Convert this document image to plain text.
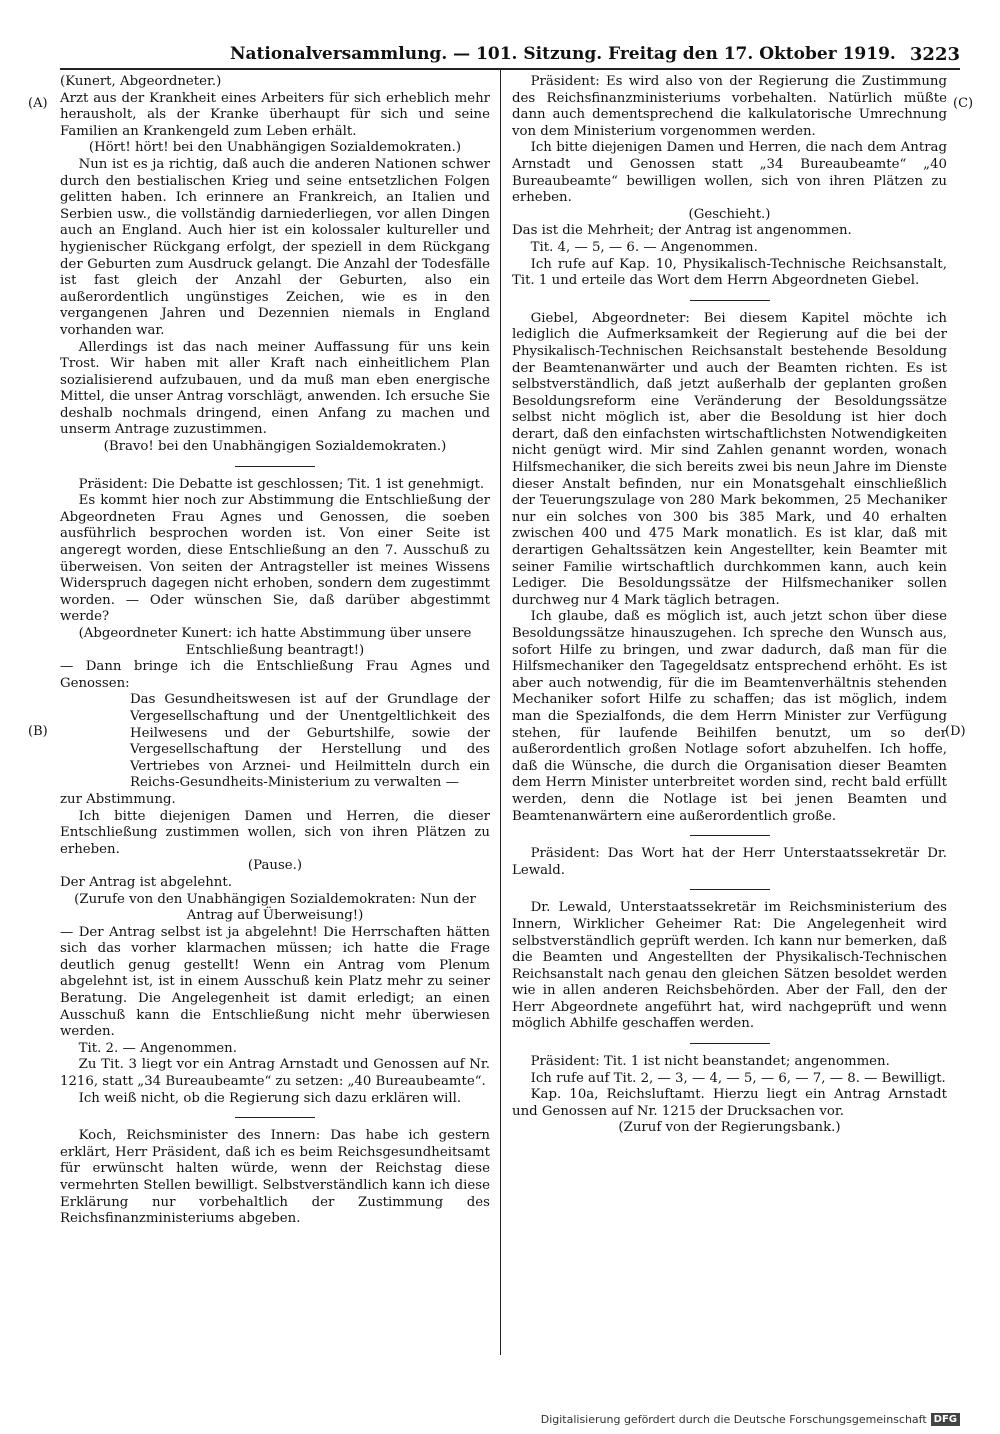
Nationalversammlung. — 101. Sitzung. Freitag den 17. Oktober 1919. 3223
(A)
(B)
(C)
(D)

(Kunert, Abgeordneter.)

Arzt aus der Krankheit eines Arbeiters für sich erheblich mehr herausholt, als der Kranke überhaupt für sich und seine Familien an Krankengeld zum Leben erhält.

(Hört! hört! bei den Unabhängigen Sozialdemokraten.)

Nun ist es ja richtig, daß auch die anderen Nationen schwer durch den bestialischen Krieg und seine entsetzlichen Folgen gelitten haben. Ich erinnere an Frankreich, an Italien und Serbien usw., die vollständig darniederliegen, vor allen Dingen auch an England. Auch hier ist ein kolossaler kultureller und hygienischer Rückgang erfolgt, der speziell in dem Rückgang der Geburten zum Ausdruck gelangt. Die Anzahl der Todesfälle ist fast gleich der Anzahl der Geburten, also ein außerordentlich ungünstiges Zeichen, wie es in den vergangenen Jahren und Dezennien niemals in England vorhanden war.

Allerdings ist das nach meiner Auffassung für uns kein Trost. Wir haben mit aller Kraft nach einheitlichem Plan sozialisierend aufzubauen, und da muß man eben energische Mittel, die unser Antrag vorschlägt, anwenden. Ich ersuche Sie deshalb nochmals dringend, einen Anfang zu machen und unserm Antrage zuzustimmen.

(Bravo! bei den Unabhängigen Sozialdemokraten.)

Präsident: Die Debatte ist geschlossen; Tit. 1 ist genehmigt.

Es kommt hier noch zur Abstimmung die Entschließung der Abgeordneten Frau Agnes und Genossen, die soeben ausführlich besprochen worden ist. Von einer Seite ist angeregt worden, diese Entschließung an den 7. Ausschuß zu überweisen. Von seiten der Antragsteller ist meines Wissens Widerspruch dagegen nicht erhoben, sondern dem zugestimmt worden. — Oder wünschen Sie, daß darüber abgestimmt werde?

(Abgeordneter Kunert: ich hatte Abstimmung über unsere Entschließung beantragt!)

— Dann bringe ich die Entschließung Frau Agnes und Genossen:

Das Gesundheitswesen ist auf der Grundlage der Vergesellschaftung und der Unentgeltlichkeit des Heilwesens und der Geburtshilfe, sowie der Vergesellschaftung der Herstellung und des Vertriebes von Arznei- und Heilmitteln durch ein Reichs-Gesundheits-Ministerium zu verwalten —

zur Abstimmung.

Ich bitte diejenigen Damen und Herren, die dieser Entschließung zustimmen wollen, sich von ihren Plätzen zu erheben.

(Pause.)

Der Antrag ist abgelehnt.

(Zurufe von den Unabhängigen Sozialdemokraten: Nun der Antrag auf Überweisung!)

— Der Antrag selbst ist ja abgelehnt! Die Herrschaften hätten sich das vorher klarmachen müssen; ich hatte die Frage deutlich genug gestellt! Wenn ein Antrag vom Plenum abgelehnt ist, ist in einem Ausschuß kein Platz mehr zu seiner Beratung. Die Angelegenheit ist damit erledigt; an einen Ausschuß kann die Entschließung nicht mehr überwiesen werden.

Tit. 2. — Angenommen.

Zu Tit. 3 liegt vor ein Antrag Arnstadt und Genossen auf Nr. 1216, statt „34 Bureaubeamte“ zu setzen: „40 Bureaubeamte“.

Ich weiß nicht, ob die Regierung sich dazu erklären will.

Koch, Reichsminister des Innern: Das habe ich gestern erklärt, Herr Präsident, daß ich es beim Reichsgesundheitsamt für erwünscht halten würde, wenn der Reichstag diese vermehrten Stellen bewilligt. Selbstverständlich kann ich diese Erklärung nur vorbehaltlich der Zustimmung des Reichsfinanzministeriums abgeben.

Präsident: Es wird also von der Regierung die Zustimmung des Reichsfinanzministeriums vorbehalten. Natürlich müßte dann auch dementsprechend die kalkulatorische Umrechnung von dem Ministerium vorgenommen werden.

Ich bitte diejenigen Damen und Herren, die nach dem Antrag Arnstadt und Genossen statt „34 Bureaubeamte“ „40 Bureaubeamte“ bewilligen wollen, sich von ihren Plätzen zu erheben.

(Geschieht.)

Das ist die Mehrheit; der Antrag ist angenommen.

Tit. 4, — 5, — 6. — Angenommen.

Ich rufe auf Kap. 10, Physikalisch-Technische Reichsanstalt, Tit. 1 und erteile das Wort dem Herrn Abgeordneten Giebel.

Giebel, Abgeordneter: Bei diesem Kapitel möchte ich lediglich die Aufmerksamkeit der Regierung auf die bei der Physikalisch-Technischen Reichsanstalt bestehende Besoldung der Beamtenanwärter und auch der Beamten richten. Es ist selbstverständlich, daß jetzt außerhalb der geplanten großen Besoldungsreform eine Veränderung der Besoldungssätze selbst nicht möglich ist, aber die Besoldung ist hier doch derart, daß den einfachsten wirtschaftlichsten Notwendigkeiten nicht genügt wird. Mir sind Zahlen genannt worden, wonach Hilfsmechaniker, die sich bereits zwei bis neun Jahre im Dienste dieser Anstalt befinden, nur ein Monatsgehalt einschließlich der Teuerungszulage von 280 Mark bekommen, 25 Mechaniker nur ein solches von 300 bis 385 Mark, und 40 erhalten zwischen 400 und 475 Mark monatlich. Es ist klar, daß mit derartigen Gehaltssätzen kein Angestellter, kein Beamter mit seiner Familie wirtschaftlich durchkommen kann, auch kein Lediger. Die Besoldungssätze der Hilfsmechaniker sollen durchweg nur 4 Mark täglich betragen.

Ich glaube, daß es möglich ist, auch jetzt schon über diese Besoldungssätze hinauszugehen. Ich spreche den Wunsch aus, sofort Hilfe zu bringen, und zwar dadurch, daß man für die Hilfsmechaniker den Tagegeldsatz entsprechend erhöht. Es ist aber auch notwendig, für die im Beamtenverhältnis stehenden Mechaniker sofort Hilfe zu schaffen; das ist möglich, indem man die Spezialfonds, die dem Herrn Minister zur Verfügung stehen, für laufende Beihilfen benutzt, um so der außerordentlich großen Notlage sofort abzuhelfen. Ich hoffe, daß die Wünsche, die durch die Organisation dieser Beamten dem Herrn Minister unterbreitet worden sind, recht bald erfüllt werden, denn die Notlage ist bei jenen Beamten und Beamtenanwärtern eine außerordentlich große.

Präsident: Das Wort hat der Herr Unterstaatssekretär Dr. Lewald.

Dr. Lewald, Unterstaatssekretär im Reichsministerium des Innern, Wirklicher Geheimer Rat: Die Angelegenheit wird selbstverständlich geprüft werden. Ich kann nur bemerken, daß die Beamten und Angestellten der Physikalisch-Technischen Reichsanstalt nach genau den gleichen Sätzen besoldet werden wie in allen anderen Reichsbehörden. Aber der Fall, den der Herr Abgeordnete angeführt hat, wird nachgeprüft und wenn möglich Abhilfe geschaffen werden.

Präsident: Tit. 1 ist nicht beanstandet; angenommen.

Ich rufe auf Tit. 2, — 3, — 4, — 5, — 6, — 7, — 8. — Bewilligt.

Kap. 10a, Reichsluftamt. Hierzu liegt ein Antrag Arnstadt und Genossen auf Nr. 1215 der Drucksachen vor.

(Zuruf von der Regierungsbank.)

Digitalisierung gefördert durch die Deutsche Forschungsgemeinschaft DFG
